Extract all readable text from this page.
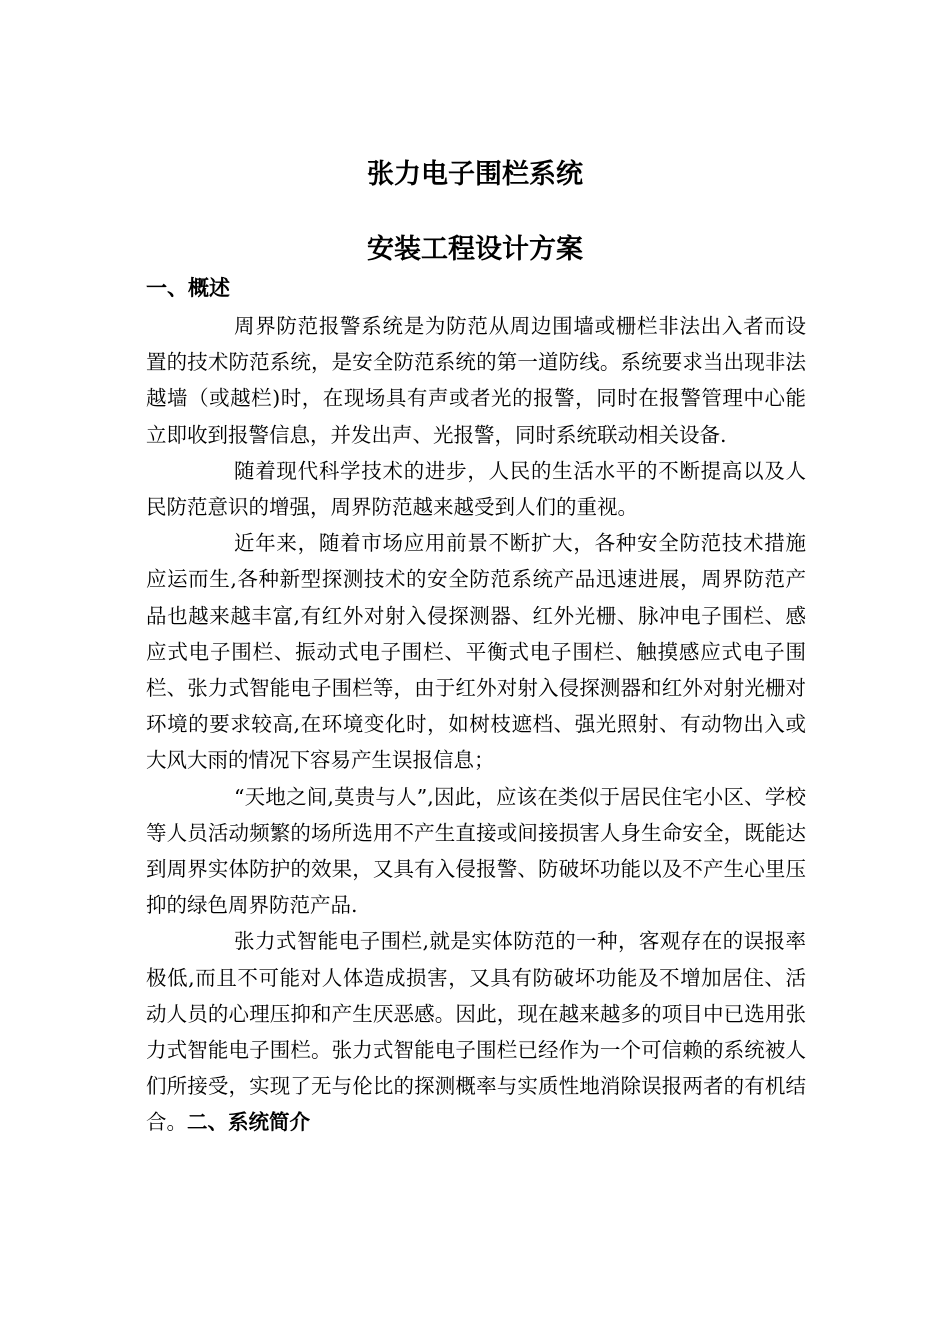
张力电子围栏系统
安装工程设计方案
一、概述

周界防范报警系统是为防范从周边围墙或栅栏非法出入者而设置的技术防范系统，是安全防范系统的第一道防线。系统要求当出现非法越墙（或越栏)时，在现场具有声或者光的报警，同时在报警管理中心能立即收到报警信息，并发出声、光报警，同时系统联动相关设备.

随着现代科学技术的进步，人民的生活水平的不断提高以及人民防范意识的增强，周界防范越来越受到人们的重视。

近年来，随着市场应用前景不断扩大，各种安全防范技术措施应运而生,各种新型探测技术的安全防范系统产品迅速进展，周界防范产品也越来越丰富,有红外对射入侵探测器、红外光栅、脉冲电子围栏、感应式电子围栏、振动式电子围栏、平衡式电子围栏、触摸感应式电子围栏、张力式智能电子围栏等，由于红外对射入侵探测器和红外对射光栅对环境的要求较高,在环境变化时，如树枝遮档、强光照射、有动物出入或大风大雨的情况下容易产生误报信息；

“天地之间,莫贵与人”,因此，应该在类似于居民住宅小区、学校等人员活动频繁的场所选用不产生直接或间接损害人身生命安全，既能达到周界实体防护的效果，又具有入侵报警、防破坏功能以及不产生心里压抑的绿色周界防范产品.

张力式智能电子围栏,就是实体防范的一种，客观存在的误报率极低,而且不可能对人体造成损害，又具有防破坏功能及不增加居住、活动人员的心理压抑和产生厌恶感。因此，现在越来越多的项目中已选用张力式智能电子围栏。张力式智能电子围栏已经作为一个可信赖的系统被人们所接受，实现了无与伦比的探测概率与实质性地消除误报两者的有机结合。二、系统简介
